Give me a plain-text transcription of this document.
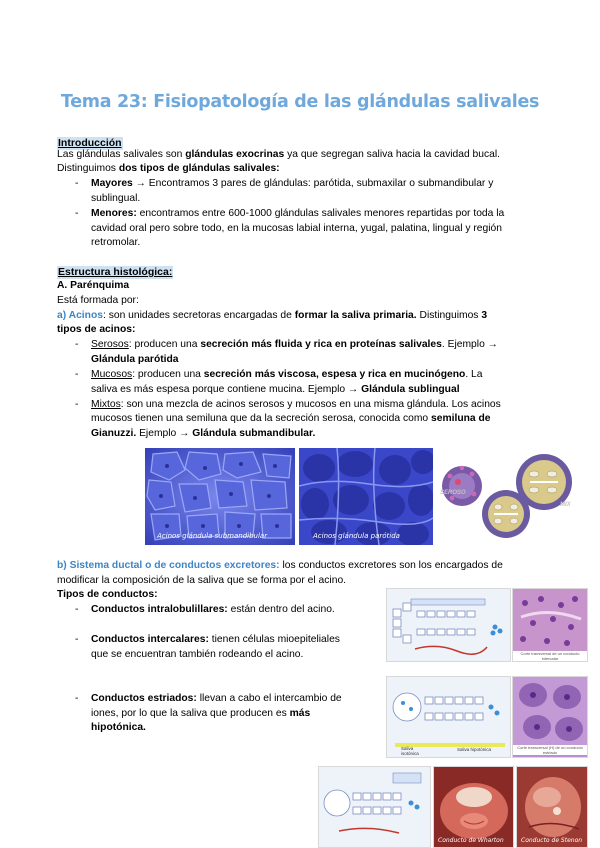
Tema 23: Fisiopatología de las glándulas salivales
Introducción

Las glándulas salivales son glándulas exocrinas ya que segregan saliva hacia la cavidad bucal.

Distinguimos dos tipos de glándulas salivales:

- Mayores → Encontramos 3 pares de glándulas: parótida, submaxilar o submandibular y

sublingual.

- Menores: encontramos entre 600-1000 glándulas salivales menores repartidas por toda la

cavidad oral pero sobre todo, en la mucosas labial interna, yugal, palatina, lingual y región

retromolar.

Estructura histológica:

A. Parénquima

Está formada por:

a) Acinos: son unidades secretoras encargadas de formar la saliva primaria. Distinguimos 3

tipos de acinos:

- Serosos: producen una secreción más fluida y rica en proteínas salivales. Ejemplo →

Glándula parótida

- Mucosos: producen una secreción más viscosa, espesa y rica en mucinógeno. La

saliva es más espesa porque contiene mucina. Ejemplo → Glándula sublingual

- Mixtos: son una mezcla de acinos serosos y mucosos en una misma glándula. Los acinos

mucosos tienen una semiluna que da la secreción serosa, conocida como semiluna de

Gianuzzi. Ejemplo → Glándula submandibular.

Acinos glándula submandibular	Acinos glándula parótida
SEROSO
MIX

b) Sistema ductal o de conductos excretores: los conductos excretores son los encargados de

modificar la composición de la saliva que se forma por el acino.

Tipos de conductos:

- Conductos intralobulillares: están dentro del acino.

- Conductos intercalares: tienen células mioepiteliales

que se encuentran también rodeando el acino.

- Conductos estriados: llevan a cabo el intercambio de

iones, por lo que la saliva que producen es más

hipotónica.

Corte transversal de un conducto intercalar
Saliva
isotónica
Saliva hipotónica	Corte transversal (H) de un conducto estriado
Conducto de Wharton	Conducto de Stenon
